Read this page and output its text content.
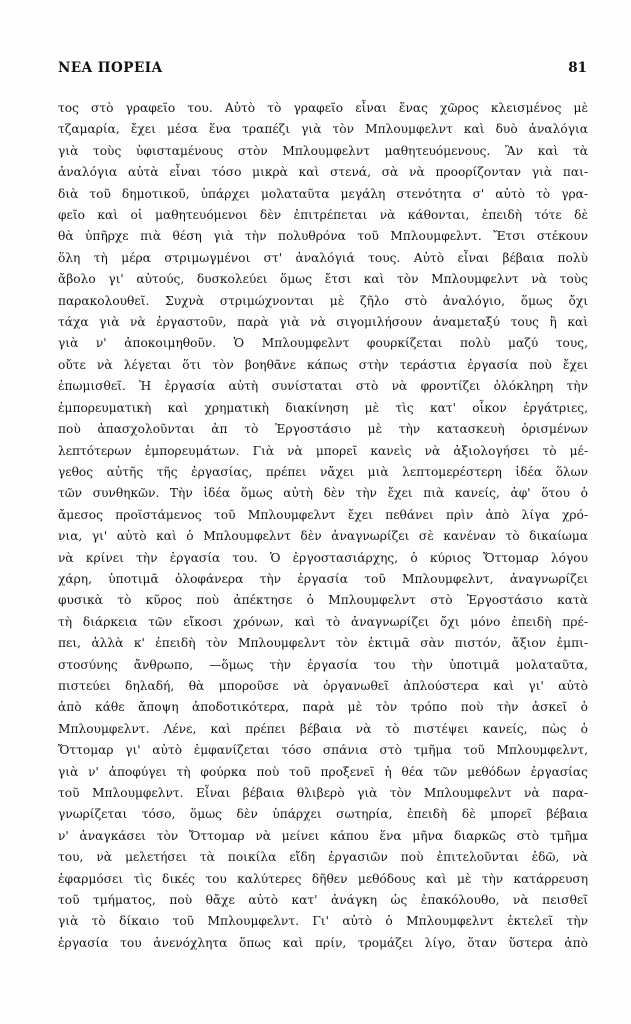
ΝΕΑ ΠΟΡΕΙΑ	81
τος στὸ γραφεῖο του. Αὐτὸ τὸ γραφεῖο εἶναι ἕνας χῶρος κλεισμένος μὲ
τζαμαρία, ἔχει μέσα ἕνα τραπέζι γιὰ τὸν Μπλουμφελντ καὶ δυὸ ἀναλόγια
γιὰ τοὺς ὑφισταμένους στὸν Μπλουμφελντ μαθητευόμενους. Ἂν καὶ τὰ
ἀναλόγια αὐτὰ εἶναι τόσο μικρὰ καὶ στενά, σὰ νὰ προορίζονταν γιὰ παι-
διὰ τοῦ δημοτικοῦ, ὑπάρχει μολαταῦτα μεγάλη στενότητα σ' αὐτὸ τὸ γρα-
φεῖο καὶ οἱ μαθητευόμενοι δὲν ἐπιτρέπεται νὰ κάθονται, ἐπειδὴ τότε δὲ
θὰ ὑπῆρχε πιὰ θέση γιὰ τὴν πολυθρόνα τοῦ Μπλουμφελντ. Ἔτσι στέκουν
ὅλη τὴ μέρα στριμωγμένοι στ' ἀναλόγιά τους. Αὐτὸ εἶναι βέβαια πολὺ
ἄβολο γι' αὐτούς, δυσκολεύει ὅμως ἔτσι καὶ τὸν Μπλουμφελντ νὰ τοὺς
παρακολουθεῖ. Συχνὰ στριμώχνονται μὲ ζῆλο στὸ ἀναλόγιο, ὅμως ὄχι
τάχα γιὰ νὰ ἐργαστοῦν, παρὰ γιὰ νὰ σιγομιλήσουν ἀναμεταξύ τους ἢ καὶ
γιὰ ν' ἀποκοιμηθοῦν. Ὁ Μπλουμφελντ φουρκίζεται πολὺ μαζύ τους,
οὔτε νὰ λέγεται ὅτι τὸν βοηθᾶνε κάπως στὴν τεράστια ἐργασία ποὺ ἔχει
ἐπωμισθεῖ. Ἡ ἐργασία αὐτὴ συνίσταται στὸ νὰ φροντίζει ὁλόκληρη τὴν
ἐμπορευματικὴ καὶ χρηματικὴ διακίνηση μὲ τὶς κατ' οἶκον ἐργάτριες,
ποὺ ἀπασχολοῦνται ἀπ τὸ Ἐργοστάσιο μὲ τὴν κατασκευὴ ὁρισμένων
λεπτότερων ἐμπορευμάτων. Γιὰ νὰ μπορεῖ κανεὶς νὰ ἀξιολογήσει τὸ μέ-
γεθος αὐτῆς τῆς ἐργασίας, πρέπει νἄχει μιὰ λεπτομερέστερη ἰδέα ὅλων
τῶν συνθηκῶν. Τὴν ἰδέα ὅμως αὐτὴ δὲν τὴν ἔχει πιὰ κανείς, ἀφ' ὅτου ὁ
ἄμεσος προϊστάμενος τοῦ Μπλουμφελντ ἔχει πεθάνει πρὶν ἀπὸ λίγα χρό-
νια, γι' αὐτὸ καὶ ὁ Μπλουμφελντ δὲν ἀναγνωρίζει σὲ κανέναν τὸ δικαίωμα
νὰ κρίνει τὴν ἐργασία του. Ὁ ἐργοστασιάρχης, ὁ κύριος Ὄττομαρ λόγου
χάρη, ὑποτιμᾶ ὁλοφάνερα τὴν ἐργασία τοῦ Μπλουμφελντ, ἀναγνωρίζει
φυσικὰ τὸ κῦρος ποὺ ἀπέκτησε ὁ Μπλουμφελντ στὸ Ἐργοστάσιο κατὰ
τὴ διάρκεια τῶν εἴκοσι χρόνων, καὶ τὸ ἀναγνωρίζει ὄχι μόνο ἐπειδὴ πρέ-
πει, ἀλλὰ κ' ἐπειδὴ τὸν Μπλουμφελντ τὸν ἐκτιμᾶ σὰν πιστόν, ἄξιον ἐμπι-
στοσύνης ἄνθρωπο, —ὅμως τὴν ἐργασία του τὴν ὑποτιμᾶ μολαταῦτα,
πιστεύει δηλαδή, θὰ μποροῦσε νὰ ὀργανωθεῖ ἁπλούστερα καὶ γι' αὐτὸ
ἀπὸ κάθε ἄποψη ἀποδοτικότερα, παρὰ μὲ τὸν τρόπο ποὺ τὴν ἀσκεῖ ὁ
Μπλουμφελντ. Λένε, καὶ πρέπει βέβαια νὰ τὸ πιστέψει κανείς, πὼς ὁ
Ὄττομαρ γι' αὐτὸ ἐμφανίζεται τόσο σπάνια στὸ τμῆμα τοῦ Μπλουμφελντ,
γιὰ ν' ἀποφύγει τὴ φούρκα ποὺ τοῦ προξενεῖ ἡ θέα τῶν μεθόδων ἐργασίας
τοῦ Μπλουμφελντ. Εἶναι βέβαια θλιβερὸ γιὰ τὸν Μπλουμφελντ νὰ παρα-
γνωρίζεται τόσο, ὅμως δὲν ὑπάρχει σωτηρία, ἐπειδὴ δὲ μπορεῖ βέβαια
ν' ἀναγκάσει τὸν Ὄττομαρ νὰ μείνει κάπου ἕνα μῆνα διαρκῶς στὸ τμῆμα
του, νὰ μελετήσει τὰ ποικίλα εἴδη ἐργασιῶν ποὺ ἐπιτελοῦνται ἐδῶ, νὰ
ἐφαρμόσει τὶς δικές του καλύτερες δῆθεν μεθόδους καὶ μὲ τὴν κατάρρευση
τοῦ τμήματος, ποὺ θἄχε αὐτὸ κατ' ἀνάγκη ὡς ἐπακόλουθο, νὰ πεισθεῖ
γιὰ τὸ δίκαιο τοῦ Μπλουμφελντ. Γι' αὐτὸ ὁ Μπλουμφελντ ἐκτελεῖ τὴν
ἐργασία του ἀνενόχλητα ὅπως καὶ πρίν, τρομάζει λίγο, ὅταν ὕστερα ἀπὸ
